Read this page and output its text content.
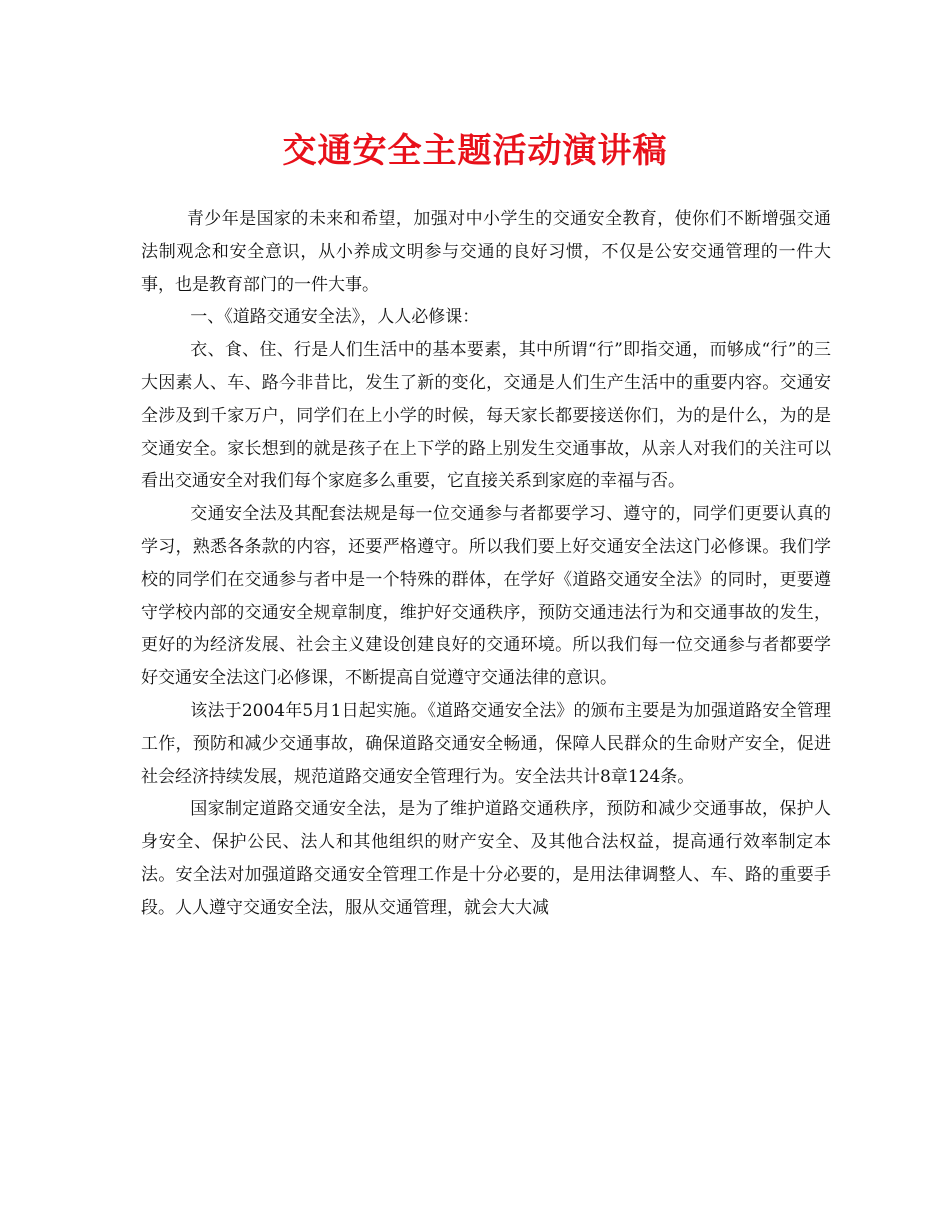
交通安全主题活动演讲稿

青少年是国家的未来和希望，加强对中小学生的交通安全教育，使你们不断增强交通法制观念和安全意识，从小养成文明参与交通的良好习惯，不仅是公安交通管理的一件大事，也是教育部门的一件大事。

一、《道路交通安全法》，人人必修课：

衣、食、住、行是人们生活中的基本要素，其中所谓“行”即指交通，而够成“行”的三大因素人、车、路今非昔比，发生了新的变化，交通是人们生产生活中的重要内容。交通安全涉及到千家万户，同学们在上小学的时候，每天家长都要接送你们，为的是什么，为的是交通安全。家长想到的就是孩子在上下学的路上别发生交通事故，从亲人对我们的关注可以看出交通安全对我们每个家庭多么重要，它直接关系到家庭的幸福与否。

交通安全法及其配套法规是每一位交通参与者都要学习、遵守的，同学们更要认真的学习，熟悉各条款的内容，还要严格遵守。所以我们要上好交通安全法这门必修课。我们学校的同学们在交通参与者中是一个特殊的群体，在学好《道路交通安全法》的同时，更要遵守学校内部的交通安全规章制度，维护好交通秩序，预防交通违法行为和交通事故的发生，更好的为经济发展、社会主义建设创建良好的交通环境。所以我们每一位交通参与者都要学好交通安全法这门必修课，不断提高自觉遵守交通法律的意识。

该法于2004年5月1日起实施。《道路交通安全法》的颁布主要是为加强道路安全管理工作，预防和减少交通事故，确保道路交通安全畅通，保障人民群众的生命财产安全，促进社会经济持续发展，规范道路交通安全管理行为。安全法共计8章124条。

国家制定道路交通安全法，是为了维护道路交通秩序，预防和减少交通事故，保护人身安全、保护公民、法人和其他组织的财产安全、及其他合法权益，提高通行效率制定本法。安全法对加强道路交通安全管理工作是十分必要的，是用法律调整人、车、路的重要手段。人人遵守交通安全法，服从交通管理，就会大大减
